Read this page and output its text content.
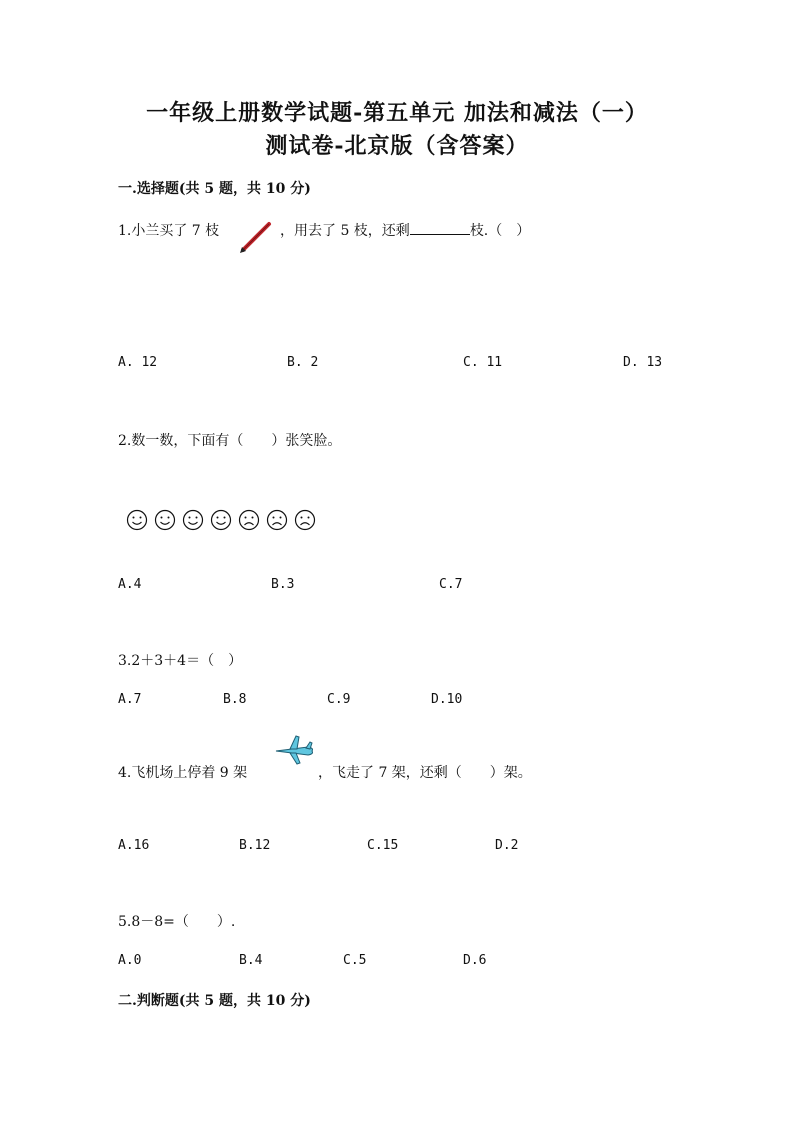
一年级上册数学试题-第五单元 加法和减法（一）
测试卷-北京版（含答案）
一.选择题(共 5 题，共 10 分)
1.小兰买了 7 枝	，用去了 5 枝，还剩	枝.（　）
A. 12	B. 2	C. 11	D. 13
2.数一数，下面有（　　）张笑脸。
A.4	B.3	C.7
3.2＋3＋4＝（　）
A.7	B.8	C.9	D.10
4.飞机场上停着 9 架	，飞走了 7 架，还剩（　　）架。
A.16	B.12	C.15	D.2
5.8－8=（　　）.
A.0	B.4	C.5	D.6
二.判断题(共 5 题，共 10 分)
